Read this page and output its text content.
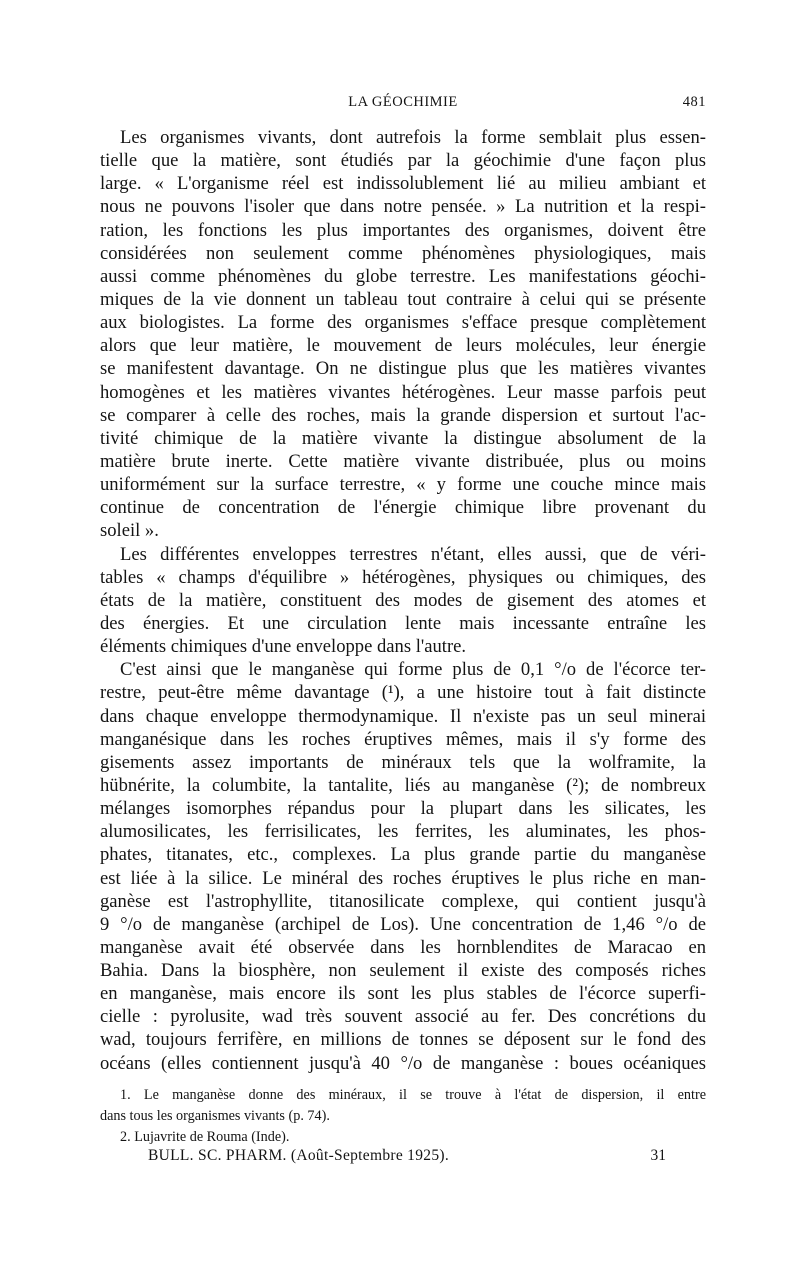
LA GÉOCHIMIE	481
Les organismes vivants, dont autrefois la forme semblait plus essen-
tielle que la matière, sont étudiés par la géochimie d'une façon plus
large. « L'organisme réel est indissolublement lié au milieu ambiant et
nous ne pouvons l'isoler que dans notre pensée. » La nutrition et la respi-
ration, les fonctions les plus importantes des organismes, doivent être
considérées non seulement comme phénomènes physiologiques, mais
aussi comme phénomènes du globe terrestre. Les manifestations géochi-
miques de la vie donnent un tableau tout contraire à celui qui se présente
aux biologistes. La forme des organismes s'efface presque complètement
alors que leur matière, le mouvement de leurs molécules, leur énergie
se manifestent davantage. On ne distingue plus que les matières vivantes
homogènes et les matières vivantes hétérogènes. Leur masse parfois peut
se comparer à celle des roches, mais la grande dispersion et surtout l'ac-
tivité chimique de la matière vivante la distingue absolument de la
matière brute inerte. Cette matière vivante distribuée, plus ou moins
uniformément sur la surface terrestre, « y forme une couche mince mais
continue de concentration de l'énergie chimique libre provenant du
soleil ».
Les différentes enveloppes terrestres n'étant, elles aussi, que de véri-
tables « champs d'équilibre » hétérogènes, physiques ou chimiques, des
états de la matière, constituent des modes de gisement des atomes et
des énergies. Et une circulation lente mais incessante entraîne les
éléments chimiques d'une enveloppe dans l'autre.
C'est ainsi que le manganèse qui forme plus de 0,1 °/o de l'écorce ter-
restre, peut-être même davantage (¹), a une histoire tout à fait distincte
dans chaque enveloppe thermodynamique. Il n'existe pas un seul minerai
manganésique dans les roches éruptives mêmes, mais il s'y forme des
gisements assez importants de minéraux tels que la wolframite, la
hübnérite, la columbite, la tantalite, liés au manganèse (²); de nombreux
mélanges isomorphes répandus pour la plupart dans les silicates, les
alumosilicates, les ferrisilicates, les ferrites, les aluminates, les phos-
phates, titanates, etc., complexes. La plus grande partie du manganèse
est liée à la silice. Le minéral des roches éruptives le plus riche en man-
ganèse est l'astrophyllite, titanosilicate complexe, qui contient jusqu'à
9 °/o de manganèse (archipel de Los). Une concentration de 1,46 °/o de
manganèse avait été observée dans les hornblendites de Maracao en
Bahia. Dans la biosphère, non seulement il existe des composés riches
en manganèse, mais encore ils sont les plus stables de l'écorce superfi-
cielle : pyrolusite, wad très souvent associé au fer. Des concrétions du
wad, toujours ferrifère, en millions de tonnes se déposent sur le fond des
océans (elles contiennent jusqu'à 40 °/o de manganèse : boues océaniques
1. Le manganèse donne des minéraux, il se trouve à l'état de dispersion, il entre
dans tous les organismes vivants (p. 74).
2. Lujavrite de Rouma (Inde).
BULL. SC. PHARM. (Août-Septembre 1925).	31
